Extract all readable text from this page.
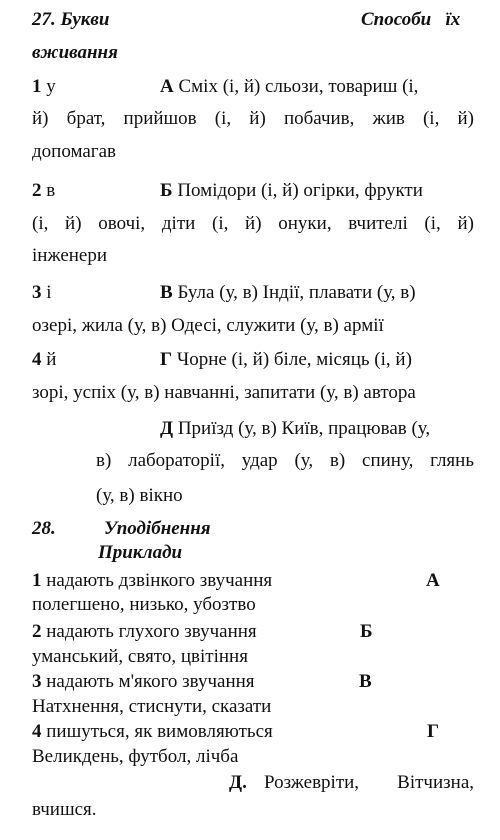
27. Букви	Способи   їх
вживання
1 у	А Сміх (і, й) сльози, товариш (і,
й) брат, прийшов (і, й) побачив, жив (і, й)
допомагав
2 в	Б Помідори (і, й) огірки, фрукти
(і, й) овочі, діти (і, й) онуки, вчителі (і, й)
інженери
3 і	В Була (у, в) Індії, плавати (у, в)
озері, жила (у, в) Одесі, служити (у, в) армії
4 й	Г Чорне (і, й) біле, місяць (і, й)
зорі, успіх (у, в) навчанні, запитати (у, в) автора
Д Приїзд (у, в) Київ, працював (у,
в) лабораторії, удар (у, в) спину, глянь
(у, в) вікно
28.	Уподібнення
Приклади
1 надають дзвінкого звучання	А
полегшено, низько, убозтво
2 надають глухого звучання	Б
уманський, свято, цвітіння
3 надають м'якого звучання	В
Натхнення, стиснути, сказати
4 пишуться, як вимовляються	Г
Великдень, футбол, лічба
Д. Розжеврiти, Вітчизна,
вчишся.
